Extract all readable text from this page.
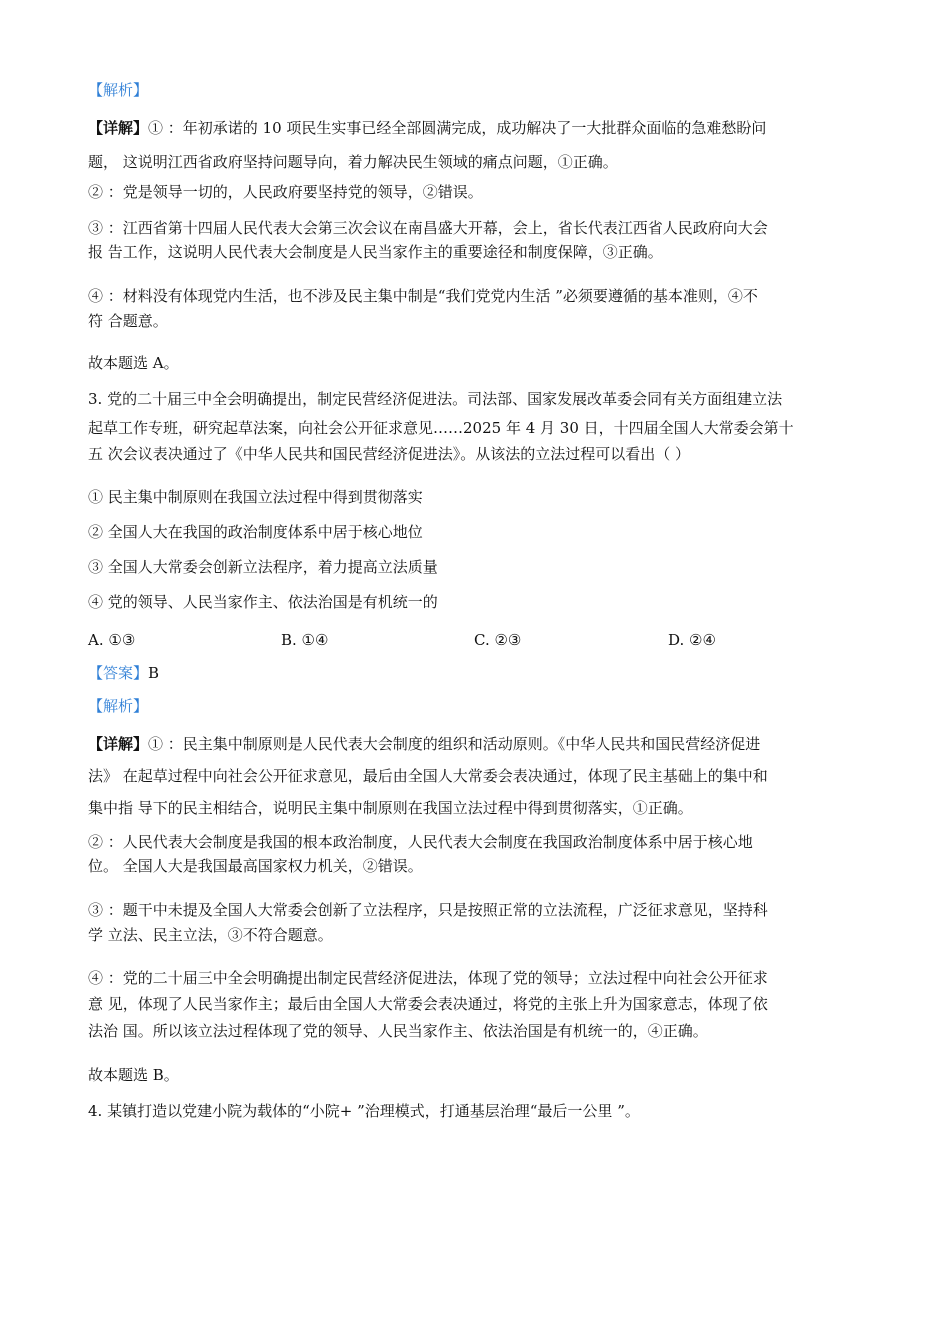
【解析】
【详解】① ：年初承诺的 10 项民生实事已经全部圆满完成，成功解决了一大批群众面临的急难愁盼问
题， 这说明江西省政府坚持问题导向，着力解决民生领域的痛点问题，①正确。
② ：党是领导一切的，人民政府要坚持党的领导，②错误。
③ ：江西省第十四届人民代表大会第三次会议在南昌盛大开幕，会上，省长代表江西省人民政府向大会
报 告工作，这说明人民代表大会制度是人民当家作主的重要途径和制度保障，③正确。
④ ：材料没有体现党内生活，也不涉及民主集中制是“我们党党内生活 ”必须要遵循的基本准则，④不
符 合题意。
故本题选 A。
3. 党的二十届三中全会明确提出，制定民营经济促进法。司法部、国家发展改革委会同有关方面组建立法
起草工作专班，研究起草法案，向社会公开征求意见……2025 年 4 月 30 日，十四届全国人大常委会第十
五 次会议表决通过了《中华人民共和国民营经济促进法》。从该法的立法过程可以看出（ ）
① 民主集中制原则在我国立法过程中得到贯彻落实
② 全国人大在我国的政治制度体系中居于核心地位
③ 全国人大常委会创新立法程序，着力提高立法质量
④ 党的领导、人民当家作主、依法治国是有机统一的
A. ①③	B. ①④	C. ②③	D. ②④
【答案】B
【解析】
【详解】① ：民主集中制原则是人民代表大会制度的组织和活动原则。《中华人民共和国民营经济促进
法》 在起草过程中向社会公开征求意见，最后由全国人大常委会表决通过，体现了民主基础上的集中和
集中指 导下的民主相结合，说明民主集中制原则在我国立法过程中得到贯彻落实，①正确。
② ：人民代表大会制度是我国的根本政治制度，人民代表大会制度在我国政治制度体系中居于核心地
位。 全国人大是我国最高国家权力机关，②错误。
③ ：题干中未提及全国人大常委会创新了立法程序，只是按照正常的立法流程，广泛征求意见，坚持科
学 立法、民主立法，③不符合题意。
④ ：党的二十届三中全会明确提出制定民营经济促进法，体现了党的领导；立法过程中向社会公开征求
意 见，体现了人民当家作主；最后由全国人大常委会表决通过，将党的主张上升为国家意志，体现了依
法治 国。所以该立法过程体现了党的领导、人民当家作主、依法治国是有机统一的，④正确。
故本题选 B。
4. 某镇打造以党建小院为载体的“小院+ ”治理模式，打通基层治理“最后一公里 ”。
